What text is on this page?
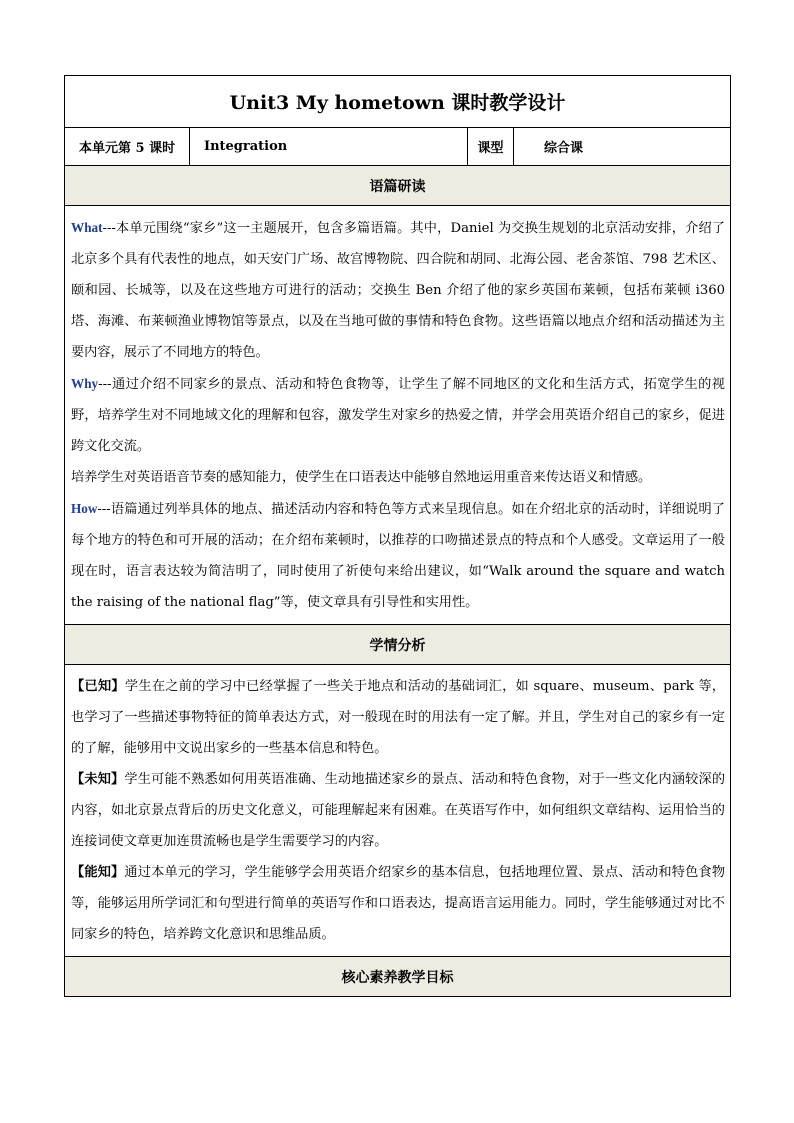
Unit3 My hometown 课时教学设计
本单元第 5 课时	Integration	课型	综合课
语篇研读

What---本单元围绕“家乡”这一主题展开，包含多篇语篇。其中，Daniel 为交换生规划的北京活动安排，介绍了北京多个具有代表性的地点，如天安门广场、故宫博物院、四合院和胡同、北海公园、老舍茶馆、798 艺术区、颐和园、长城等，以及在这些地方可进行的活动；交换生 Ben 介绍了他的家乡英国布莱顿，包括布莱顿 i360 塔、海滩、布莱顿渔业博物馆等景点，以及在当地可做的事情和特色食物。这些语篇以地点介绍和活动描述为主要内容，展示了不同地方的特色。

Why---通过介绍不同家乡的景点、活动和特色食物等，让学生了解不同地区的文化和生活方式，拓宽学生的视野，培养学生对不同地域文化的理解和包容，激发学生对家乡的热爱之情，并学会用英语介绍自己的家乡，促进跨文化交流。

培养学生对英语语音节奏的感知能力，使学生在口语表达中能够自然地运用重音来传达语义和情感。

How---语篇通过列举具体的地点、描述活动内容和特色等方式来呈现信息。如在介绍北京的活动时，详细说明了每个地方的特色和可开展的活动；在介绍布莱顿时，以推荐的口吻描述景点的特点和个人感受。文章运用了一般现在时，语言表达较为简洁明了，同时使用了祈使句来给出建议，如“Walk around the square and watch the raising of the national flag”等，使文章具有引导性和实用性。

学情分析

【已知】学生在之前的学习中已经掌握了一些关于地点和活动的基础词汇，如 square、museum、park 等，也学习了一些描述事物特征的简单表达方式，对一般现在时的用法有一定了解。并且，学生对自己的家乡有一定的了解，能够用中文说出家乡的一些基本信息和特色。

【未知】学生可能不熟悉如何用英语准确、生动地描述家乡的景点、活动和特色食物，对于一些文化内涵较深的内容，如北京景点背后的历史文化意义，可能理解起来有困难。在英语写作中，如何组织文章结构、运用恰当的连接词使文章更加连贯流畅也是学生需要学习的内容。

【能知】通过本单元的学习，学生能够学会用英语介绍家乡的基本信息，包括地理位置、景点、活动和特色食物等，能够运用所学词汇和句型进行简单的英语写作和口语表达，提高语言运用能力。同时，学生能够通过对比不同家乡的特色，培养跨文化意识和思维品质。

核心素养教学目标
